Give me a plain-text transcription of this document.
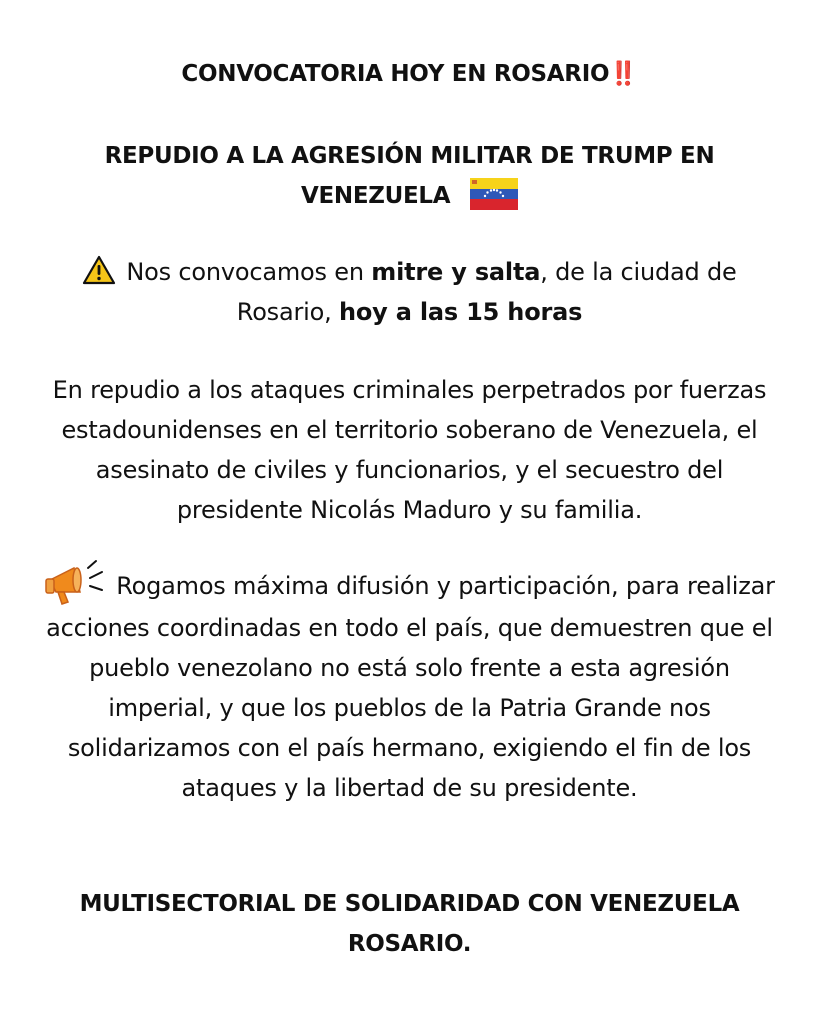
CONVOCATORIA HOY EN ROSARIO‼️
REPUDIO A LA AGRESIÓN MILITAR DE TRUMP EN VENEZUELA
Nos convocamos en mitre y salta, de la ciudad de Rosario, hoy a las 15 horas
En repudio a los ataques criminales perpetrados por fuerzas estadounidenses en el territorio soberano de Venezuela, el asesinato de civiles y funcionarios, y el secuestro del presidente Nicolás Maduro y su familia.
Rogamos máxima difusión y participación, para realizar acciones coordinadas en todo el país, que demuestren que el pueblo venezolano no está solo frente a esta agresión imperial, y que los pueblos de la Patria Grande nos solidarizamos con el país hermano, exigiendo el fin de los ataques y la libertad de su presidente.
MULTISECTORIAL DE SOLIDARIDAD CON VENEZUELA ROSARIO.
